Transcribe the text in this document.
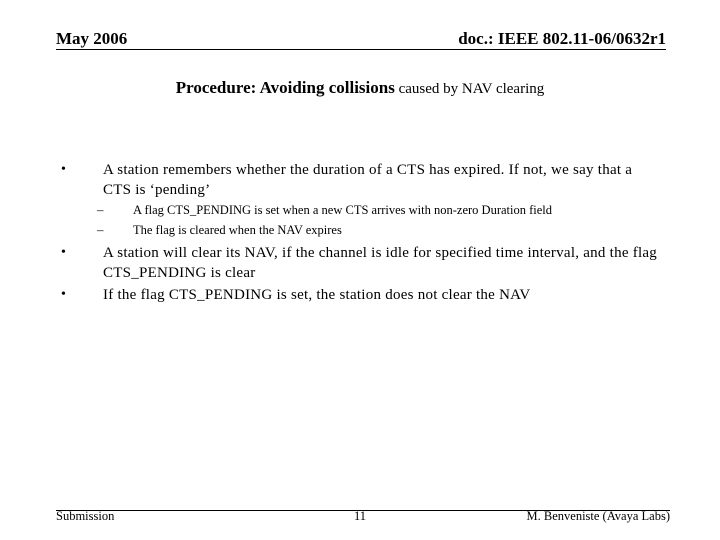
May 2006	doc.: IEEE 802.11-06/0632r1
Procedure: Avoiding collisions caused by NAV clearing
• A station remembers whether the duration of a CTS has expired. If not, we say that a CTS is ‘pending’
– A flag CTS_PENDING is set when a new CTS arrives with non-zero Duration field
– The flag is cleared when the NAV expires
• A station will clear its NAV, if the channel is idle for specified time interval, and the flag CTS_PENDING is clear
• If the flag CTS_PENDING is set, the station does not clear the NAV
Submission	11	M. Benveniste (Avaya Labs)
